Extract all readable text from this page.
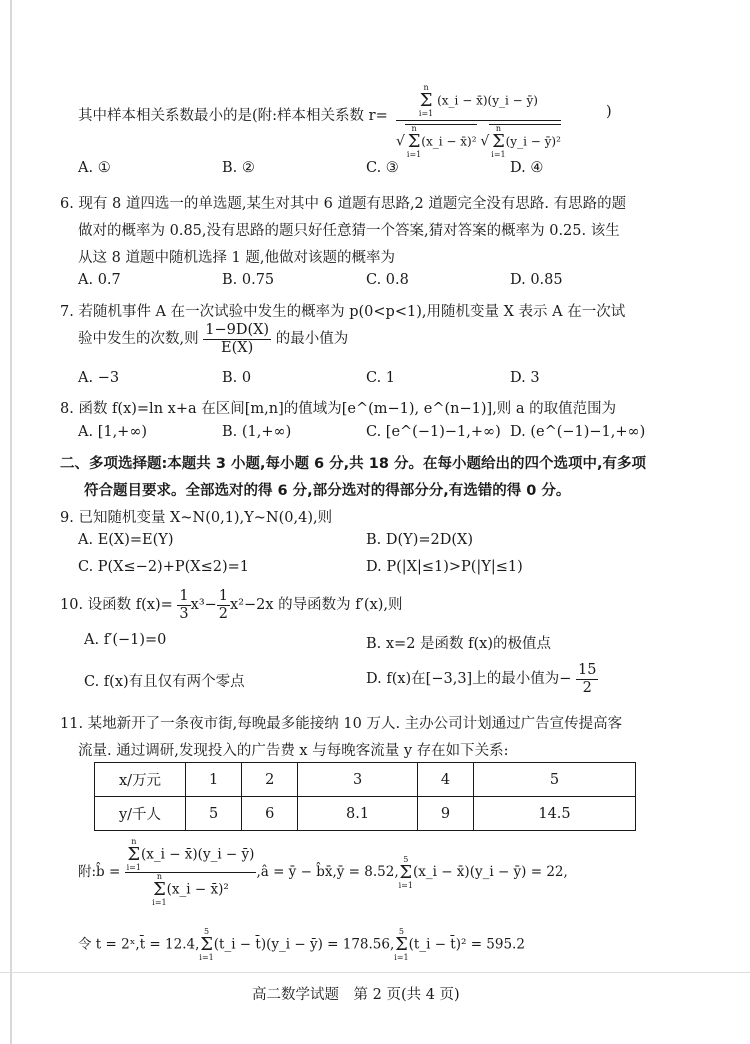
其中样本相关系数最小的是(附:样本相关系数 r= n
Σ
i=1
(x_i − x̄)(y_i − ȳ)
√
n
Σ
i=1
(x_i − x̄)² √
n
Σ
i=1
(y_i − ȳ)²	)
A. ①	B. ②	C. ③	D. ④
6. 现有 8 道四选一的单选题,某生对其中 6 道题有思路,2 道题完全没有思路. 有思路的题
做对的概率为 0.85,没有思路的题只好任意猜一个答案,猜对答案的概率为 0.25. 该生
从这 8 道题中随机选择 1 题,他做对该题的概率为
A. 0.7	B. 0.75	C. 0.8	D. 0.85
7. 若随机事件 A 在一次试验中发生的概率为 p(0<p<1),用随机变量 X 表示 A 在一次试
验中发生的次数,则 $\frac{1-9D(X)}{E(X)}$ 的最小值为
A. −3	B. 0	C. 1	D. 3
8. 函数 f(x)=ln x+a 在区间[m,n]的值域为[e^(m−1), e^(n−1)],则 a 的取值范围为
A. [1,+∞)	B. (1,+∞)	C. [e^(−1)−1,+∞) D. (e^(−1)−1,+∞)
二、多项选择题:本题共 3 小题,每小题 6 分,共 18 分。在每小题给出的四个选项中,有多项
符合题目要求。全部选对的得 6 分,部分选对的得部分分,有选错的得 0 分。
9. 已知随机变量 X~N(0,1),Y~N(0,4),则
A. E(X)=E(Y)	B. D(Y)=2D(X)
C. P(X≤−2)+P(X≤2)=1	D. P(|X|≤1)>P(|Y|≤1)
10. 设函数 $f(x)= \frac{1}{3} x^3- \frac{1}{2} x^2-2x$ 的导函数为 f′(x),则
A. f′(−1)=0	B. x=2 是函数 f(x)的极值点
C. f(x)有且仅有两个零点	D. f(x)在[−3,3]上的最小值为− $\frac{15}{2}$
11. 某地新开了一条夜市街,每晚最多能接纳 10 万人. 主办公司计划通过广告宣传提高客
流量. 通过调研,发现投入的广告费 x 与每晚客流量 y 存在如下关系:
x/万元	1	2	3	4	5
y/千人	5	6	8.1	9	14.5
附:b̂ = n
Σ
i=1
(x_i − x̄)(y_i − ȳ)
n
Σ
i=1
(x_i − x̄)² ,â = ȳ − b̂x̄,ȳ = 8.52,
5
Σ
i=1
(x_i − x̄)(y_i − ȳ) = 22,
令 t = 2ˣ,t̄ = 12.4,
5
Σ
i=1
(t_i − t̄)(y_i − ȳ) = 178.56,
5
Σ
i=1
(t_i − t̄)² = 595.2
高二数学试题　第 2 页(共 4 页)
